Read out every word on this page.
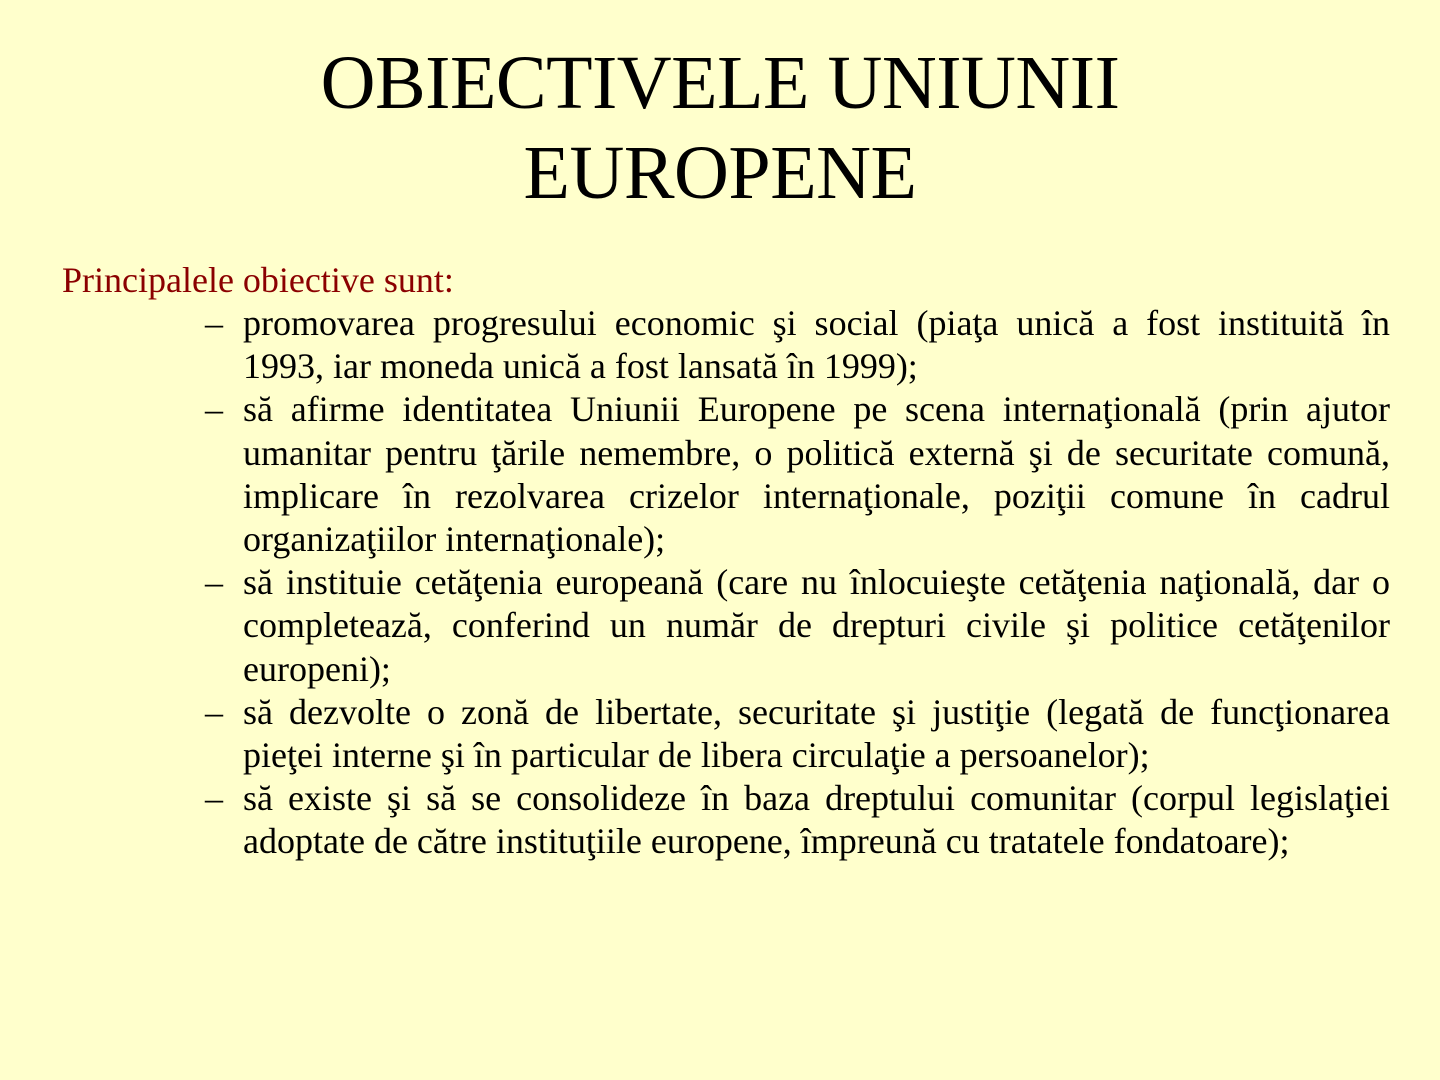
OBIECTIVELE UNIUNII
EUROPENE

Principalele obiective sunt:

– promovarea progresului economic şi social (piaţa unică a fost instituită în 1993, iar moneda unică a fost lansată în 1999);
– să afirme identitatea Uniunii Europene pe scena internaţională (prin ajutor umanitar pentru ţările nemembre, o politică externă şi de securitate comună, implicare în rezolvarea crizelor internaţionale, poziţii comune în cadrul organizaţiilor internaţionale);
– să instituie cetăţenia europeană (care nu înlocuieşte cetăţenia naţională, dar o completează, conferind un număr de drepturi civile şi politice cetăţenilor europeni);
– să dezvolte o zonă de libertate, securitate şi justiţie (legată de funcţionarea pieţei interne şi în particular de libera circulaţie a persoanelor);
– să existe şi să se consolideze în baza dreptului comunitar (corpul legislaţiei adoptate de către instituţiile europene, împreună cu tratatele fondatoare);
